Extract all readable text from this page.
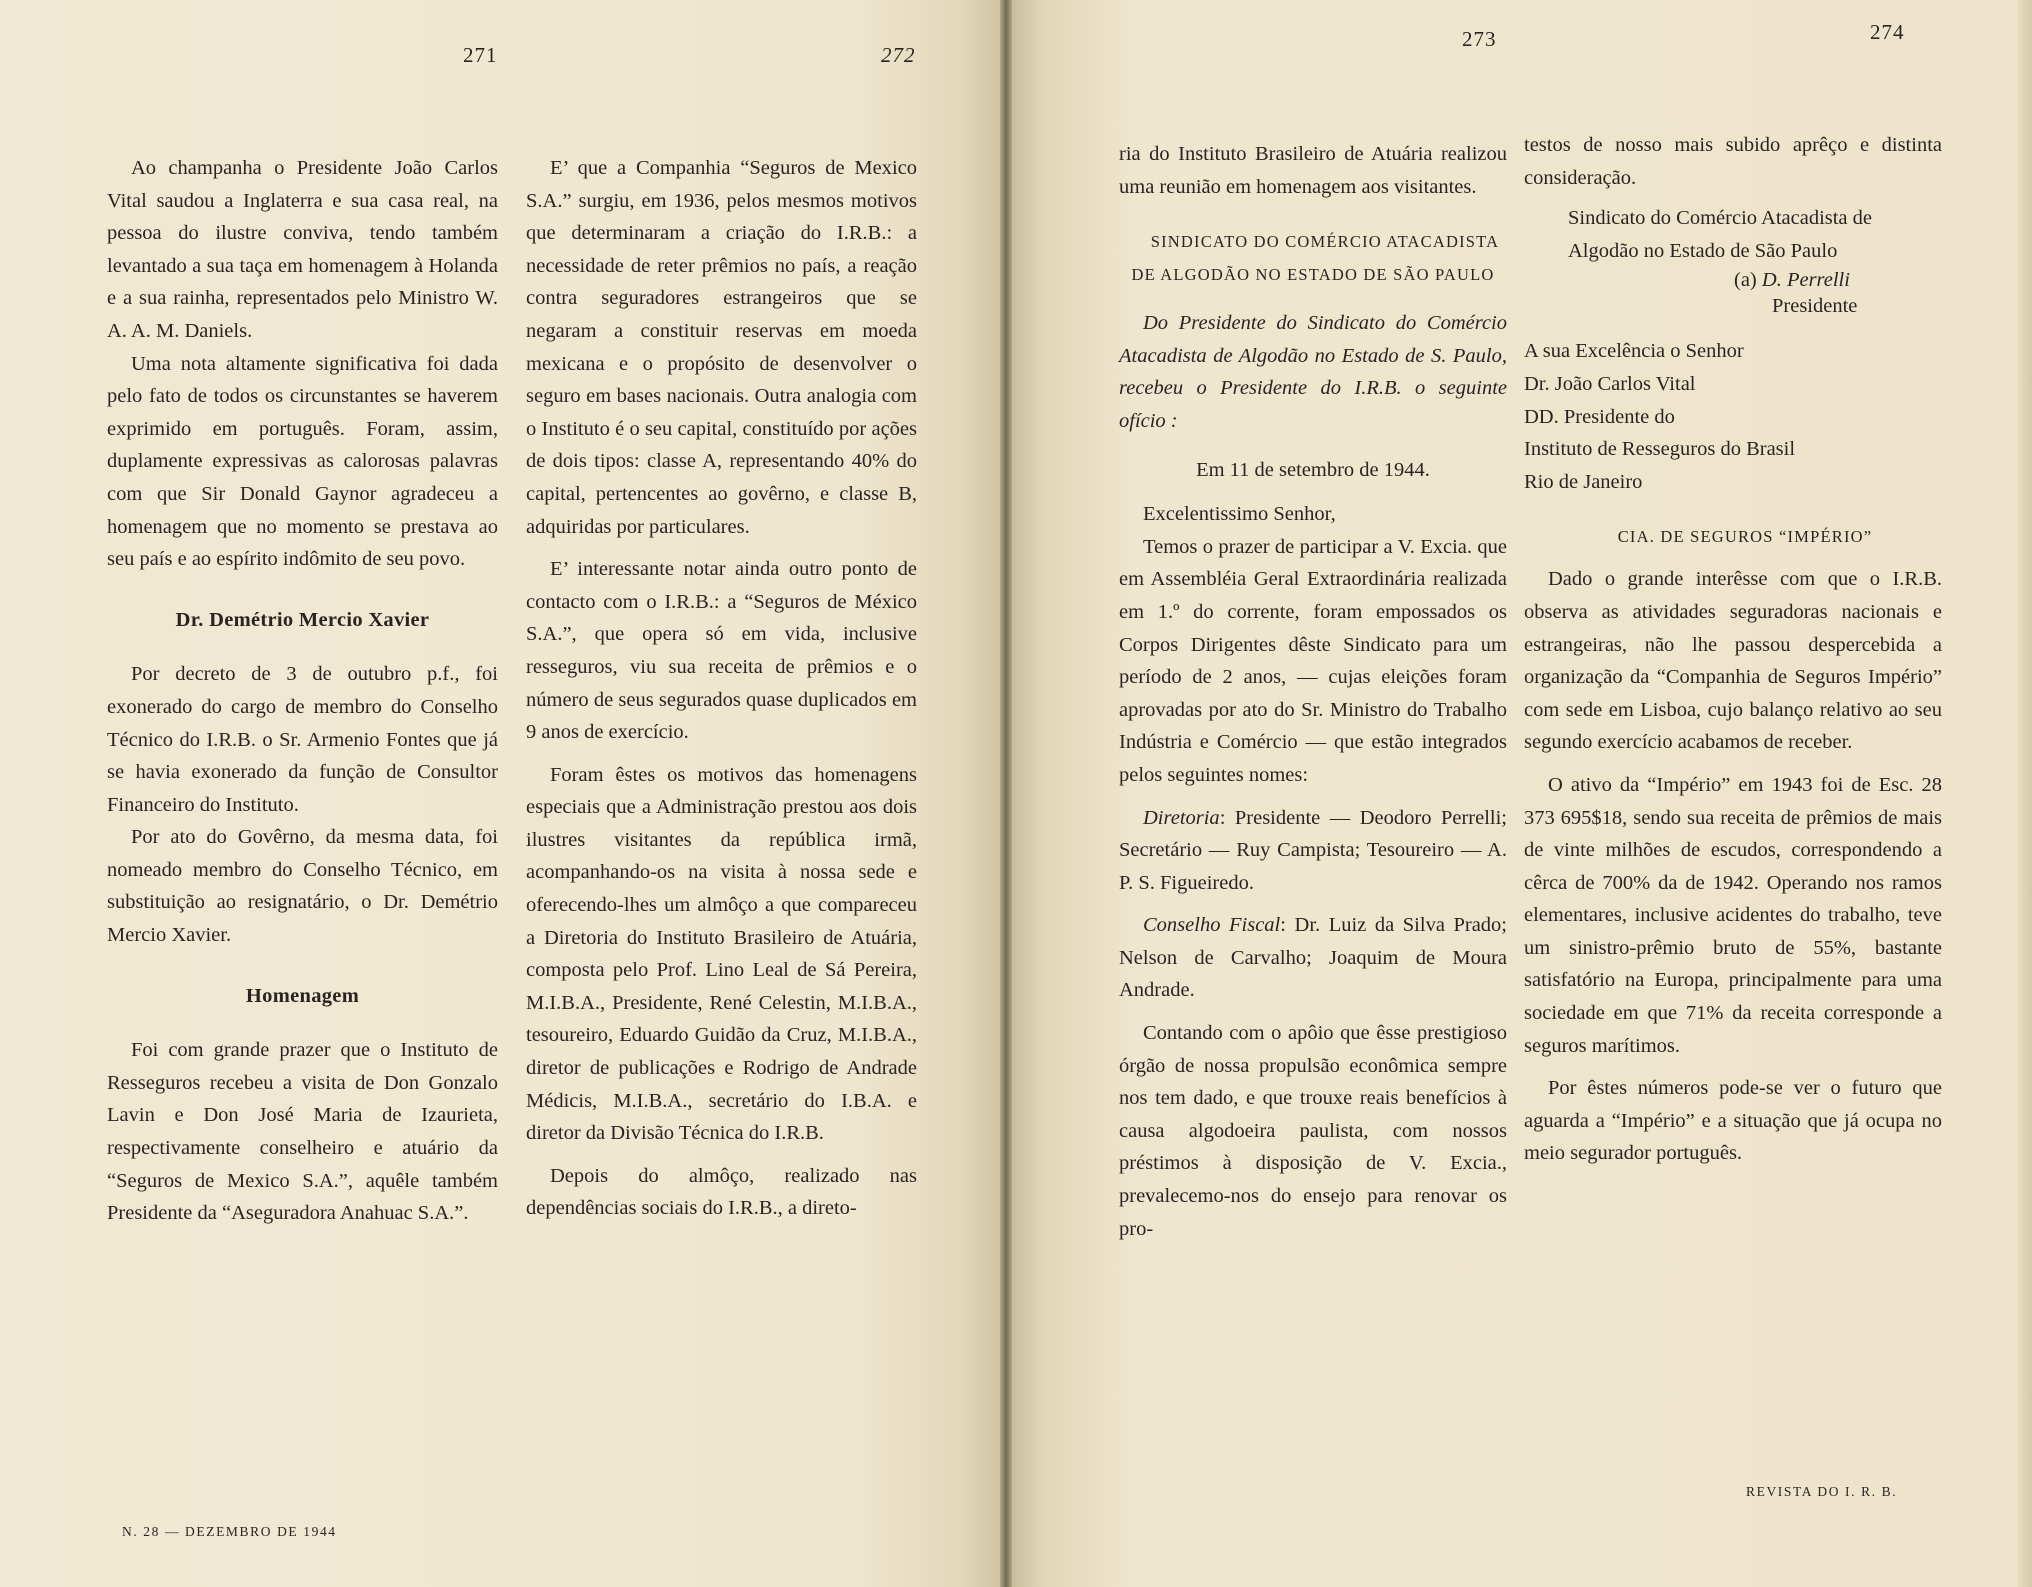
271	272

Ao champanha o Presidente João Carlos Vital saudou a Inglaterra e sua casa real, na pessoa do ilustre conviva, tendo também levantado a sua taça em homenagem à Holanda e a sua rainha, representados pelo Ministro W. A. A. M. Daniels.

Uma nota altamente significativa foi dada pelo fato de todos os circunstantes se haverem exprimido em português. Foram, assim, duplamente expressivas as calorosas palavras com que Sir Donald Gaynor agradeceu a homenagem que no momento se prestava ao seu país e ao espírito indômito de seu povo.

Dr. Demétrio Mercio Xavier

Por decreto de 3 de outubro p.f., foi exonerado do cargo de membro do Conselho Técnico do I.R.B. o Sr. Armenio Fontes que já se havia exonerado da função de Consultor Financeiro do Instituto.

Por ato do Govêrno, da mesma data, foi nomeado membro do Conselho Técnico, em substituição ao resignatário, o Dr. Demétrio Mercio Xavier.

Homenagem

Foi com grande prazer que o Instituto de Resseguros recebeu a visita de Don Gonzalo Lavin e Don José Maria de Izaurieta, respectivamente conselheiro e atuário da “Seguros de Mexico S.A.”, aquêle também Presidente da “Aseguradora Anahuac S.A.”.

E’ que a Companhia “Seguros de Mexico S.A.” surgiu, em 1936, pelos mesmos motivos que determinaram a criação do I.R.B.: a necessidade de reter prêmios no país, a reação contra seguradores estrangeiros que se negaram a constituir reservas em moeda mexicana e o propósito de desenvolver o seguro em bases nacionais. Outra analogia com o Instituto é o seu capital, constituído por ações de dois tipos: classe A, representando 40% do capital, pertencentes ao govêrno, e classe B, adquiridas por particulares.

E’ interessante notar ainda outro ponto de contacto com o I.R.B.: a “Seguros de México S.A.”, que opera só em vida, inclusive resseguros, viu sua receita de prêmios e o número de seus segurados quase duplicados em 9 anos de exercício.

Foram êstes os motivos das homenagens especiais que a Administração prestou aos dois ilustres visitantes da república irmã, acompanhando-os na visita à nossa sede e oferecendo-lhes um almôço a que compareceu a Diretoria do Instituto Brasileiro de Atuária, composta pelo Prof. Lino Leal de Sá Pereira, M.I.B.A., Presidente, René Celestin, M.I.B.A., tesoureiro, Eduardo Guidão da Cruz, M.I.B.A., diretor de publicações e Rodrigo de Andrade Médicis, M.I.B.A., secretário do I.B.A. e diretor da Divisão Técnica do I.R.B.

Depois do almôço, realizado nas dependências sociais do I.R.B., a direto-

N. 28 — DEZEMBRO DE 1944
273	274

ria do Instituto Brasileiro de Atuária realizou uma reunião em homenagem aos visitantes.

SINDICATO DO COMÉRCIO ATACADISTA DE ALGODÃO NO ESTADO DE SÃO PAULO

Do Presidente do Sindicato do Comércio Atacadista de Algodão no Estado de S. Paulo, recebeu o Presidente do I.R.B. o seguinte ofício :

Em 11 de setembro de 1944.

Excelentissimo Senhor,

Temos o prazer de participar a V. Excia. que em Assembléia Geral Extraordinária realizada em 1.º do corrente, foram empossados os Corpos Dirigentes dêste Sindicato para um período de 2 anos, — cujas eleições foram aprovadas por ato do Sr. Ministro do Trabalho Indústria e Comércio — que estão integrados pelos seguintes nomes:

Diretoria: Presidente — Deodoro Perrelli; Secretário — Ruy Campista; Tesoureiro — A. P. S. Figueiredo.

Conselho Fiscal: Dr. Luiz da Silva Prado; Nelson de Carvalho; Joaquim de Moura Andrade.

Contando com o apôio que êsse prestigioso órgão de nossa propulsão econômica sempre nos tem dado, e que trouxe reais benefícios à causa algodoeira paulista, com nossos préstimos à disposição de V. Excia., prevalecemo-nos do ensejo para renovar os pro-

testos de nosso mais subido aprêço e distinta consideração.

Sindicato do Comércio Atacadista de Algodão no Estado de São Paulo

(a) D. Perrelli

Presidente

A sua Excelência o Senhor

Dr. João Carlos Vital

DD. Presidente do

Instituto de Resseguros do Brasil

Rio de Janeiro

CIA. DE SEGUROS “IMPÉRIO”

Dado o grande interêsse com que o I.R.B. observa as atividades seguradoras nacionais e estrangeiras, não lhe passou despercebida a organização da “Companhia de Seguros Império” com sede em Lisboa, cujo balanço relativo ao seu segundo exercício acabamos de receber.

O ativo da “Império” em 1943 foi de Esc. 28 373 695$18, sendo sua receita de prêmios de mais de vinte milhões de escudos, correspondendo a cêrca de 700% da de 1942. Operando nos ramos elementares, inclusive acidentes do trabalho, teve um sinistro-prêmio bruto de 55%, bastante satisfatório na Europa, principalmente para uma sociedade em que 71% da receita corresponde a seguros marítimos.

Por êstes números pode-se ver o futuro que aguarda a “Império” e a situação que já ocupa no meio segurador português.

REVISTA DO I. R. B.
